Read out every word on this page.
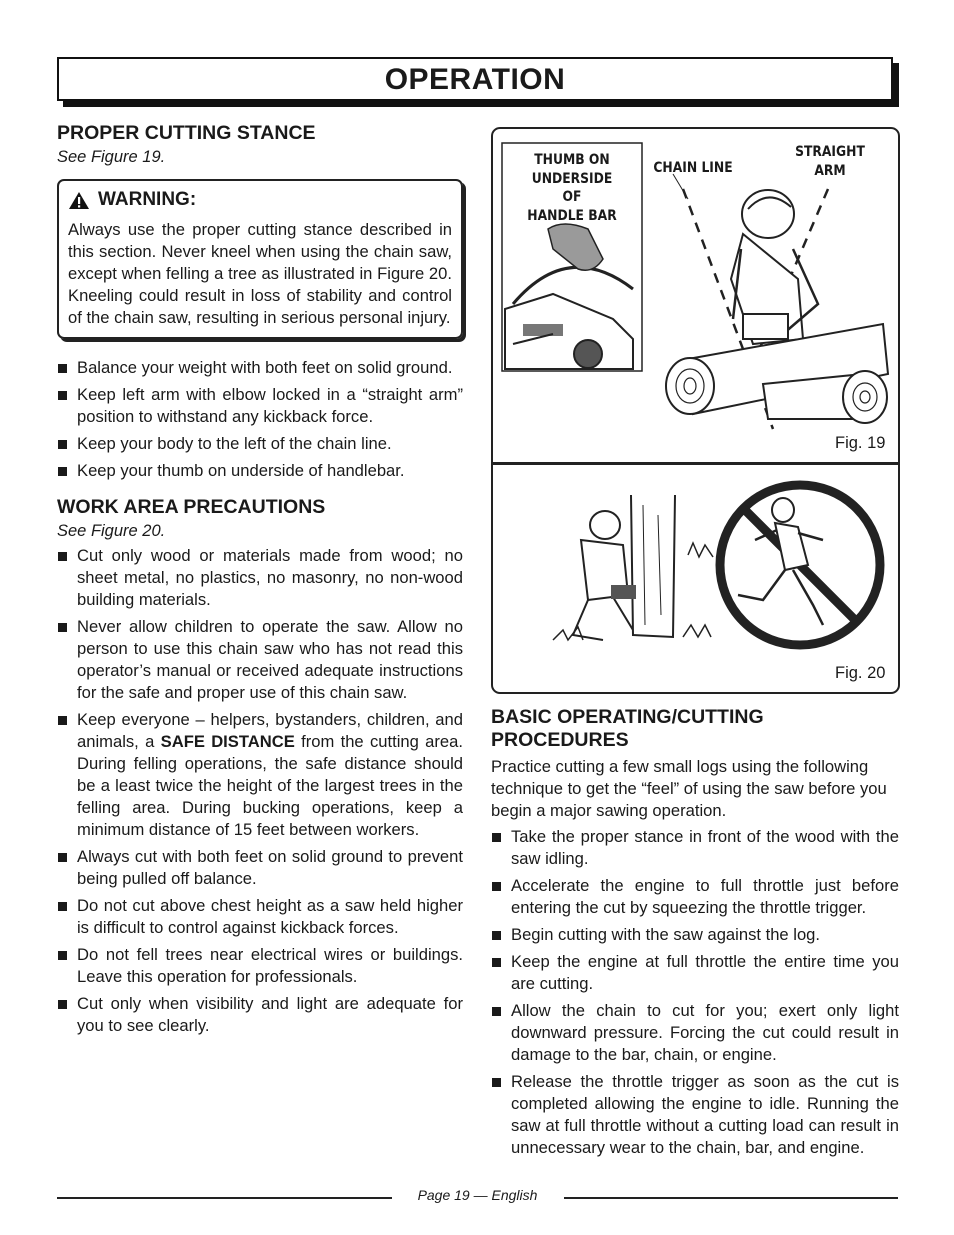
OPERATION
PROPER CUTTING STANCE
See Figure 19.
WARNING:
Always use the proper cutting stance described in this section. Never kneel when using the chain saw, except when felling a tree as illustrated in Figure 20. Kneeling could result in loss of stability and control of the chain saw, resulting in serious personal injury.
Balance your weight with both feet on solid ground.
Keep left arm with elbow locked in a “straight arm” position to withstand any kickback force.
Keep your body to the left of the chain line.
Keep your thumb on underside of handlebar.
WORK AREA PRECAUTIONS
See Figure 20.
Cut only wood or materials made from wood; no sheet metal, no plastics, no masonry, no non-wood building materials.
Never allow children to operate the saw. Allow no person to use this chain saw who has not read this operator’s manual or received adequate instructions for the safe and proper use of this chain saw.
Keep everyone – helpers, bystanders, children, and animals, a SAFE DISTANCE from the cutting area. During felling operations, the safe distance should be a least twice the height of the largest trees in the felling area. During bucking operations, keep a minimum distance of 15 feet between workers.
Always cut with both feet on solid ground to prevent being pulled off balance.
Do not cut above chest height as a saw held higher is difficult to control against kickback forces.
Do not fell trees near electrical wires or buildings. Leave this operation for professionals.
Cut only when visibility and light are adequate for you to see clearly.
THUMB ON
UNDERSIDE OF
HANDLE BAR
CHAIN LINE
STRAIGHT
ARM
Fig. 19
Fig. 20
BASIC OPERATING/CUTTING
PROCEDURES
Practice cutting a few small logs using the following technique to get the “feel” of using the saw before you begin a major sawing operation.
Take the proper stance in front of the wood with the saw idling.
Accelerate the engine to full throttle just before entering the cut by squeezing the throttle trigger.
Begin cutting with the saw against the log.
Keep the engine at full throttle the entire time you are cutting.
Allow the chain to cut for you; exert only light downward pressure. Forcing the cut could result in damage to the bar, chain, or engine.
Release the throttle trigger as soon as the cut is completed allowing the engine to idle. Running the saw at full throttle without a cutting load can result in unnecessary wear to the chain, bar, and engine.
Page 19 — English
